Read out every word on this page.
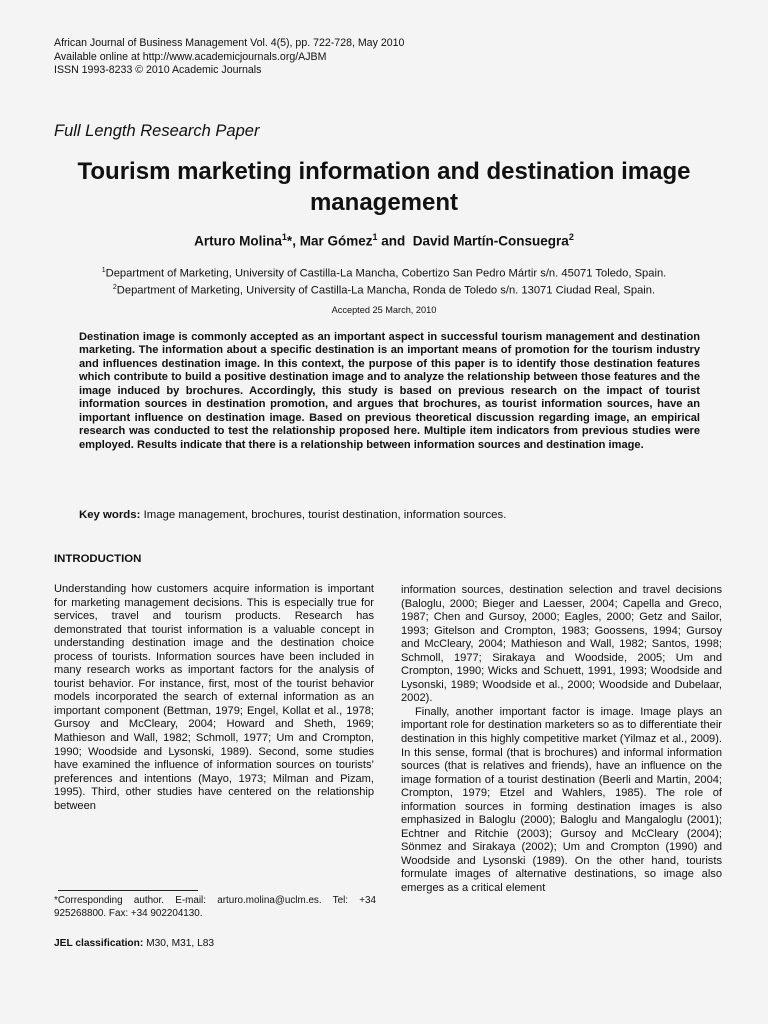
African Journal of Business Management Vol. 4(5), pp. 722-728, May 2010
Available online at http://www.academicjournals.org/AJBM
ISSN 1993-8233 © 2010 Academic Journals
Full Length Research Paper
Tourism marketing information and destination image management
Arturo Molina$^1$*, Mar Gómez$^1$ and  David Martín-Consuegra$^2$
$^1$Department of Marketing, University of Castilla-La Mancha, Cobertizo San Pedro Mártir s/n. 45071 Toledo, Spain.
$^2$Department of Marketing, University of Castilla-La Mancha, Ronda de Toledo s/n. 13071 Ciudad Real, Spain.
Accepted 25 March, 2010
Destination image is commonly accepted as an important aspect in successful tourism management and destination marketing. The information about a specific destination is an important means of promotion for the tourism industry and influences destination image. In this context, the purpose of this paper is to identify those destination features which contribute to build a positive destination image and to analyze the relationship between those features and the image induced by brochures. Accordingly, this study is based on previous research on the impact of tourist information sources in destination promotion, and argues that brochures, as tourist information sources, have an important influence on destination image. Based on previous theoretical discussion regarding image, an empirical research was conducted to test the relationship proposed here. Multiple item indicators from previous studies were employed. Results indicate that there is a relationship between information sources and destination image.
Key words: Image management, brochures, tourist destination, information sources.
INTRODUCTION
Understanding how customers acquire information is important for marketing management decisions. This is especially true for services, travel and tourism products. Research has demonstrated that tourist information is a valuable concept in understanding destination image and the destination choice process of tourists. Information sources have been included in many research works as important factors for the analysis of tourist behavior. For instance, first, most of the tourist behavior models incorporated the search of external information as an important component (Bettman, 1979; Engel, Kollat et al., 1978; Gursoy and McCleary, 2004; Howard and Sheth, 1969; Mathieson and Wall, 1982; Schmoll, 1977; Um and Crompton, 1990; Woodside and Lysonski, 1989). Second, some studies have examined the influence of information sources on tourists’ preferences and intentions (Mayo, 1973; Milman and Pizam, 1995). Third, other studies have centered on the relationship between
information sources, destination selection and travel decisions (Baloglu, 2000; Bieger and Laesser, 2004; Capella and Greco, 1987; Chen and Gursoy, 2000; Eagles, 2000; Getz and Sailor, 1993; Gitelson and Crompton, 1983; Goossens, 1994; Gursoy and McCleary, 2004; Mathieson and Wall, 1982; Santos, 1998; Schmoll, 1977; Sirakaya and Woodside, 2005; Um and Crompton, 1990; Wicks and Schuett, 1991, 1993; Woodside and Lysonski, 1989; Woodside et al., 2000; Woodside and Dubelaar, 2002).
Finally, another important factor is image. Image plays an important role for destination marketers so as to differentiate their destination in this highly competitive market (Yilmaz et al., 2009). In this sense, formal (that is brochures) and informal information sources (that is relatives and friends), have an influence on the image formation of a tourist destination (Beerli and Martin, 2004; Crompton, 1979; Etzel and Wahlers, 1985). The role of information sources in forming destination images is also emphasized in Baloglu (2000); Baloglu and Mangaloglu (2001); Echtner and Ritchie (2003); Gursoy and McCleary (2004); Sönmez and Sirakaya (2002); Um and Crompton (1990) and Woodside and Lysonski (1989). On the other hand, tourists formulate images of alternative destinations, so image also emerges as a critical element
*Corresponding author. E-mail: arturo.molina@uclm.es. Tel: +34 925268800. Fax: +34 902204130.
JEL classification: M30, M31, L83
